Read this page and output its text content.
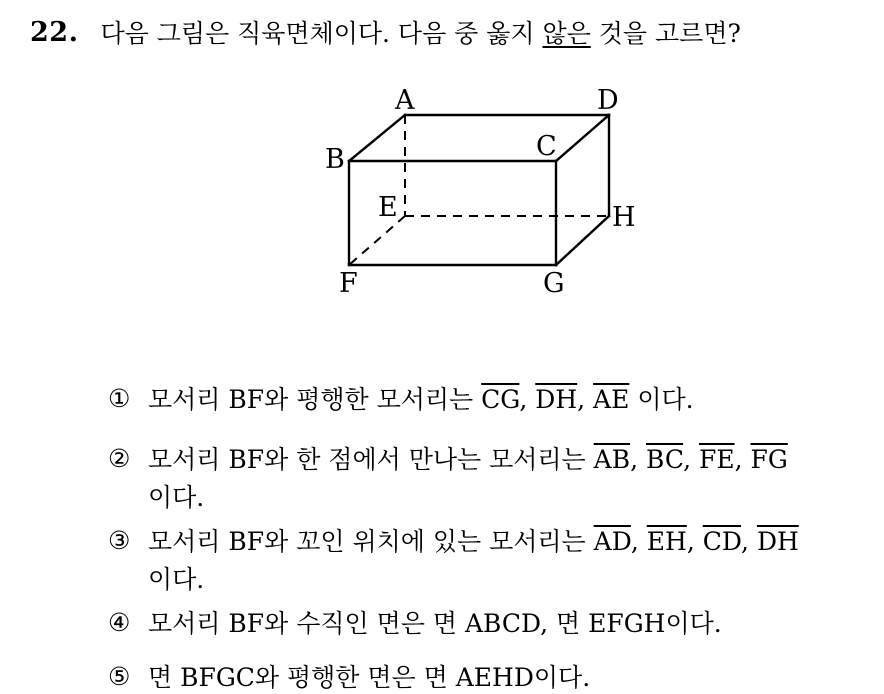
22. 다음 그림은 직육면체이다. 다음 중 옳지 않은 것을 고르면?
A	D
B	C
E	H
F	G
① 모서리 BF와 평행한 모서리는 $\overline{CG}$, $\overline{DH}$, $\overline{AE}$ 이다.
② 모서리 BF와 한 점에서 만나는 모서리는 $\overline{AB}$, $\overline{BC}$, $\overline{FE}$, $\overline{FG}$
이다.
③ 모서리 BF와 꼬인 위치에 있는 모서리는 $\overline{AD}$, $\overline{EH}$, $\overline{CD}$, $\overline{DH}$
이다.
④ 모서리 BF와 수직인 면은 면 ABCD, 면 EFGH이다.
⑤ 면 BFGC와 평행한 면은 면 AEHD이다.
